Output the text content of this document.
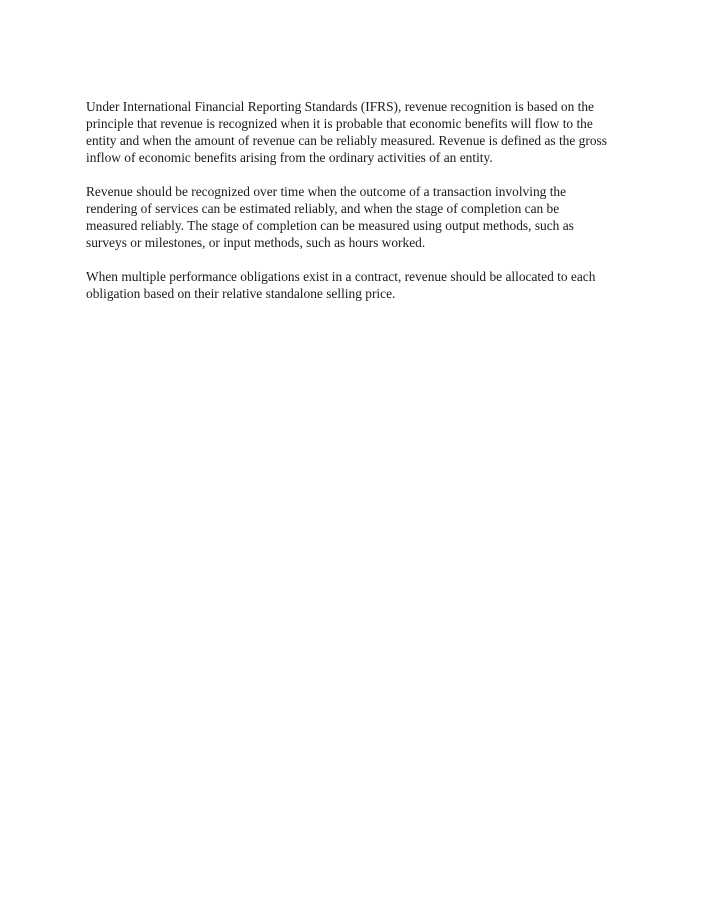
Under International Financial Reporting Standards (IFRS), revenue recognition is based on the
principle that revenue is recognized when it is probable that economic benefits will flow to the
entity and when the amount of revenue can be reliably measured. Revenue is defined as the gross
inflow of economic benefits arising from the ordinary activities of an entity.

Revenue should be recognized over time when the outcome of a transaction involving the
rendering of services can be estimated reliably, and when the stage of completion can be
measured reliably. The stage of completion can be measured using output methods, such as
surveys or milestones, or input methods, such as hours worked.

When multiple performance obligations exist in a contract, revenue should be allocated to each
obligation based on their relative standalone selling price.
